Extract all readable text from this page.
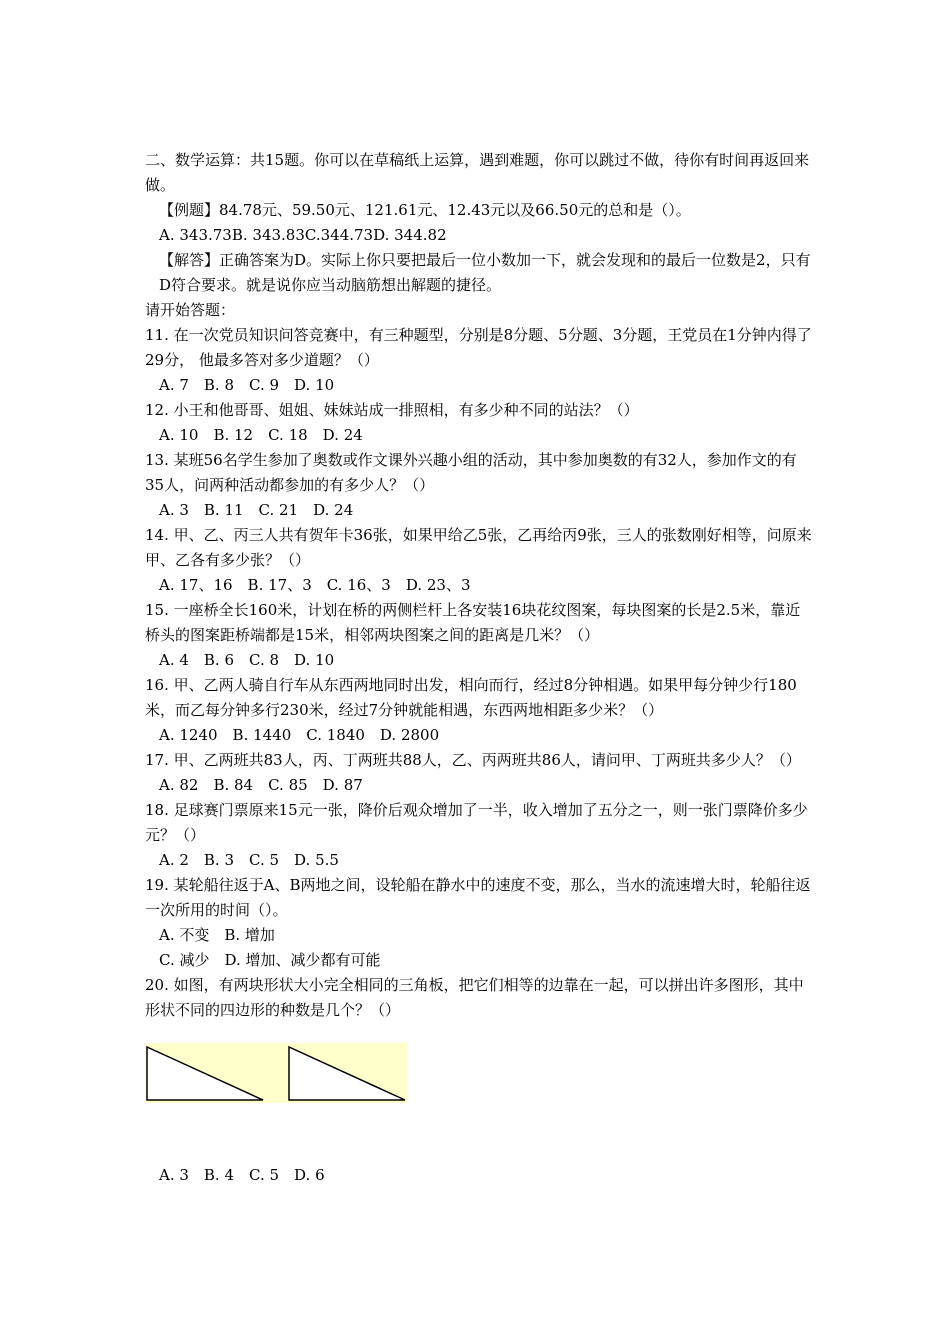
二、数学运算：共15题。你可以在草稿纸上运算，遇到难题，你可以跳过不做，待你有时间再返回来做。

【例题】84.78元、59.50元、121.61元、12.43元以及66.50元的总和是（）。

A. 343.73B. 343.83C.344.73D. 344.82

【解答】正确答案为D。实际上你只要把最后一位小数加一下，就会发现和的最后一位数是2，只有D符合要求。就是说你应当动脑筋想出解题的捷径。

请开始答题：

11. 在一次党员知识问答竞赛中，有三种题型，分别是8分题、5分题、3分题，王党员在1分钟内得了29分， 他最多答对多少道题？（）

A. 7　B. 8　C. 9　D. 10

12. 小王和他哥哥、姐姐、妹妹站成一排照相，有多少种不同的站法？（）

A. 10　B. 12　C. 18　D. 24

13. 某班56名学生参加了奥数或作文课外兴趣小组的活动，其中参加奥数的有32人，参加作文的有35人，问两种活动都参加的有多少人？（）

A. 3　B. 11　C. 21　D. 24

14. 甲、乙、丙三人共有贺年卡36张，如果甲给乙5张，乙再给丙9张，三人的张数刚好相等，问原来甲、乙各有多少张？（）

A. 17、16　B. 17、3　C. 16、3　D. 23、3

15. 一座桥全长160米，计划在桥的两侧栏杆上各安装16块花纹图案，每块图案的长是2.5米，靠近桥头的图案距桥端都是15米，相邻两块图案之间的距离是几米？（）

A. 4　B. 6　C. 8　D. 10

16. 甲、乙两人骑自行车从东西两地同时出发，相向而行，经过8分钟相遇。如果甲每分钟少行180米，而乙每分钟多行230米，经过7分钟就能相遇，东西两地相距多少米？（）

A. 1240　B. 1440　C. 1840　D. 2800

17. 甲、乙两班共83人，丙、丁两班共88人，乙、丙两班共86人，请问甲、丁两班共多少人？（）

A. 82　B. 84　C. 85　D. 87

18. 足球赛门票原来15元一张，降价后观众增加了一半，收入增加了五分之一，则一张门票降价多少元？（）

A. 2　B. 3　C. 5　D. 5.5

19. 某轮船往返于A、B两地之间，设轮船在静水中的速度不变，那么，当水的流速增大时，轮船往返一次所用的时间（）。

A. 不变　B. 增加

C. 减少　D. 增加、减少都有可能

20. 如图，有两块形状大小完全相同的三角板，把它们相等的边靠在一起，可以拼出许多图形，其中形状不同的四边形的种数是几个？（）

A. 3　B. 4　C. 5　D. 6
